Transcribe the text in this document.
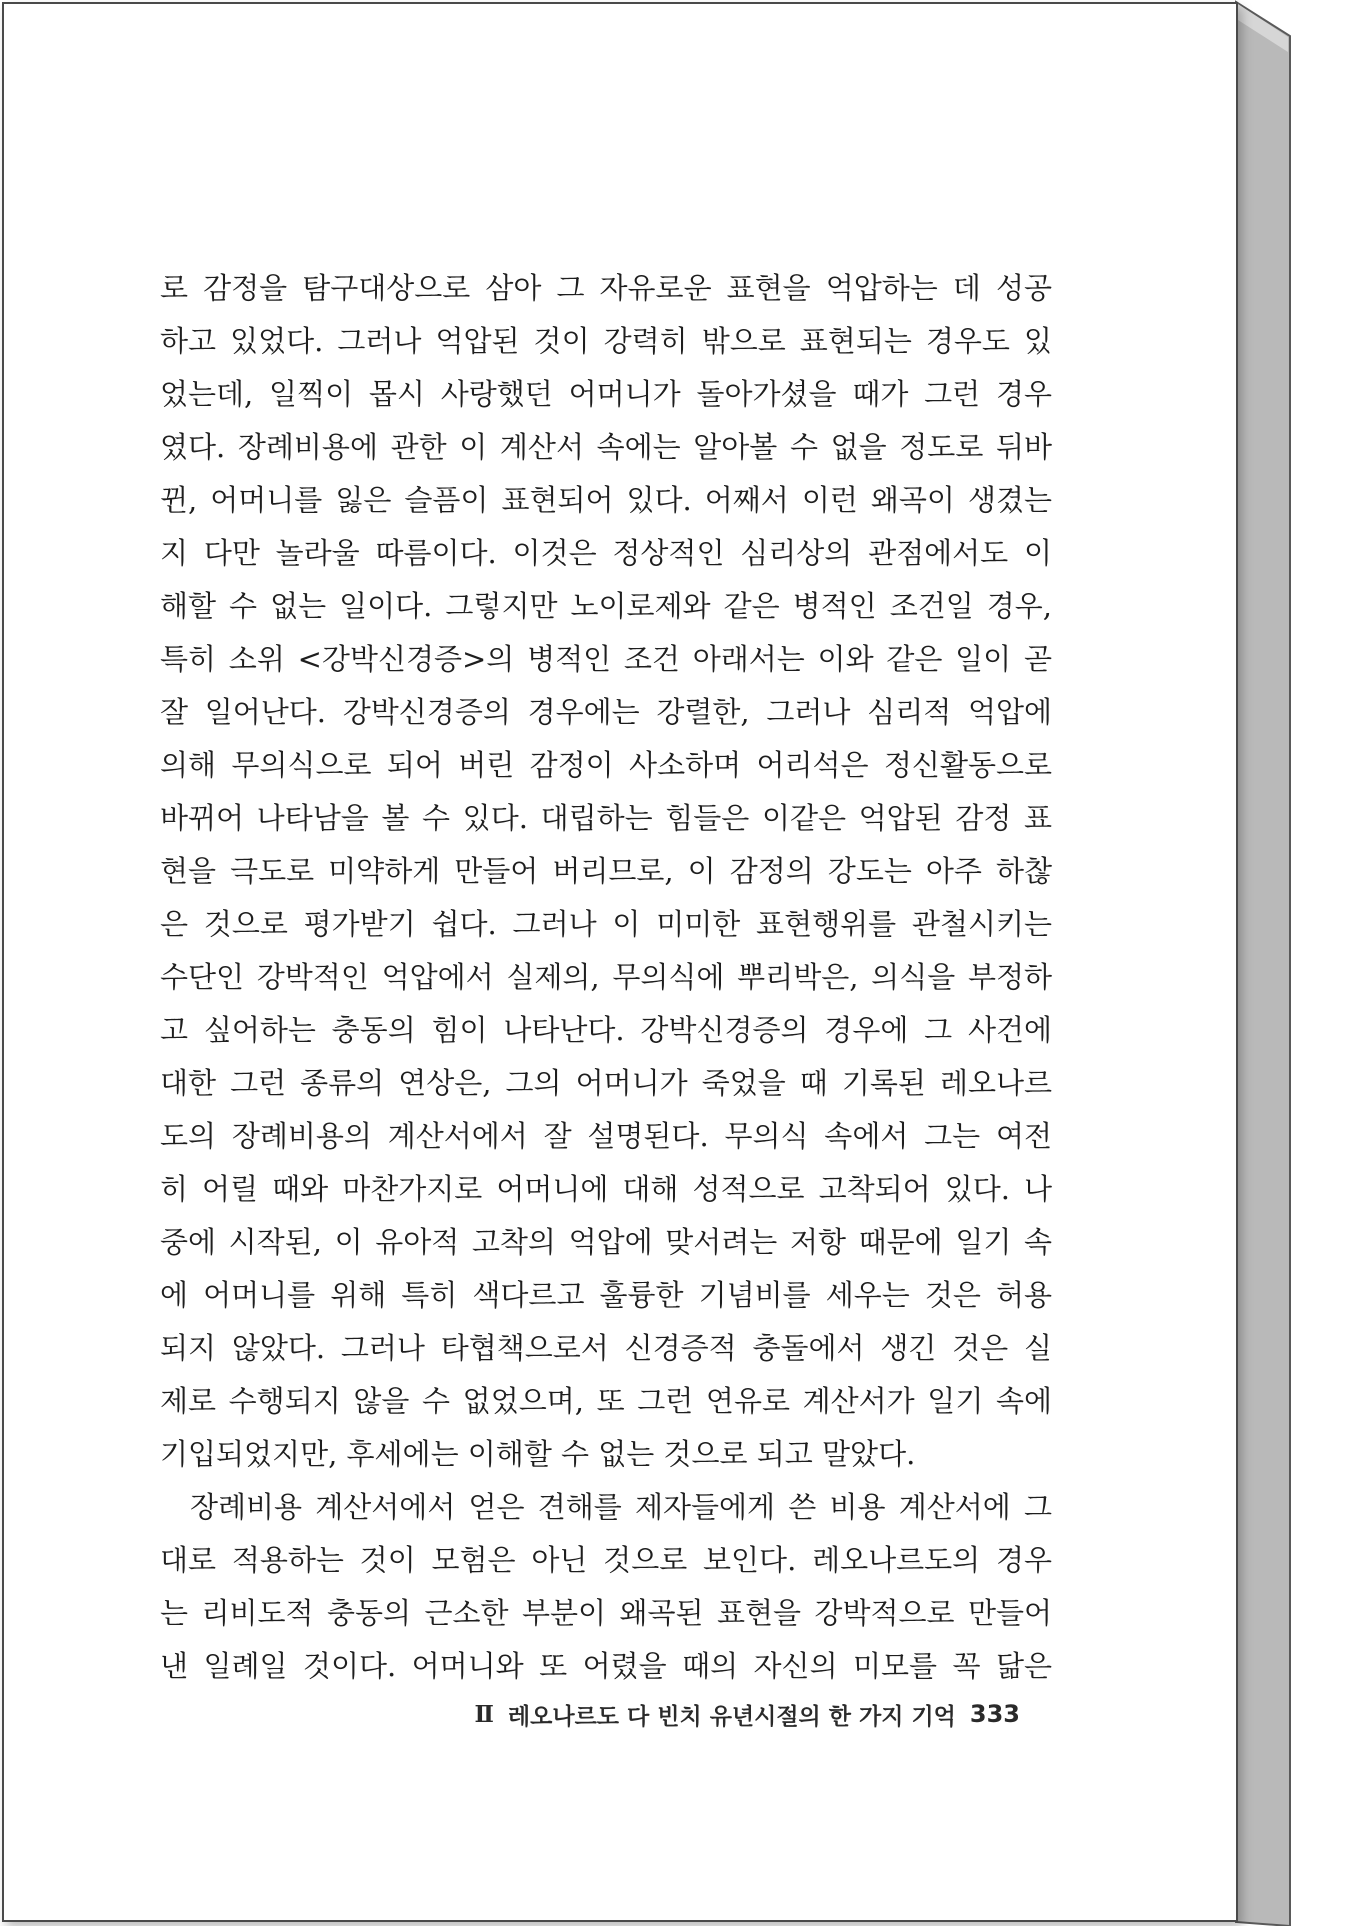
로 감정을 탐구대상으로 삼아 그 자유로운 표현을 억압하는 데 성공
하고 있었다. 그러나 억압된 것이 강력히 밖으로 표현되는 경우도 있
었는데, 일찍이 몹시 사랑했던 어머니가 돌아가셨을 때가 그런 경우
였다. 장례비용에 관한 이 계산서 속에는 알아볼 수 없을 정도로 뒤바
뀐, 어머니를 잃은 슬픔이 표현되어 있다. 어째서 이런 왜곡이 생겼는
지 다만 놀라울 따름이다. 이것은 정상적인 심리상의 관점에서도 이
해할 수 없는 일이다. 그렇지만 노이로제와 같은 병적인 조건일 경우,
특히 소위 <강박신경증>의 병적인 조건 아래서는 이와 같은 일이 곧
잘 일어난다. 강박신경증의 경우에는 강렬한, 그러나 심리적 억압에
의해 무의식으로 되어 버린 감정이 사소하며 어리석은 정신활동으로
바뀌어 나타남을 볼 수 있다. 대립하는 힘들은 이같은 억압된 감정 표
현을 극도로 미약하게 만들어 버리므로, 이 감정의 강도는 아주 하찮
은 것으로 평가받기 쉽다. 그러나 이 미미한 표현행위를 관철시키는
수단인 강박적인 억압에서 실제의, 무의식에 뿌리박은, 의식을 부정하
고 싶어하는 충동의 힘이 나타난다. 강박신경증의 경우에 그 사건에
대한 그런 종류의 연상은, 그의 어머니가 죽었을 때 기록된 레오나르
도의 장례비용의 계산서에서 잘 설명된다. 무의식 속에서 그는 여전
히 어릴 때와 마찬가지로 어머니에 대해 성적으로 고착되어 있다. 나
중에 시작된, 이 유아적 고착의 억압에 맞서려는 저항 때문에 일기 속
에 어머니를 위해 특히 색다르고 훌륭한 기념비를 세우는 것은 허용
되지 않았다. 그러나 타협책으로서 신경증적 충돌에서 생긴 것은 실
제로 수행되지 않을 수 없었으며, 또 그런 연유로 계산서가 일기 속에
기입되었지만, 후세에는 이해할 수 없는 것으로 되고 말았다.
장례비용 계산서에서 얻은 견해를 제자들에게 쓴 비용 계산서에 그
대로 적용하는 것이 모험은 아닌 것으로 보인다. 레오나르도의 경우
는 리비도적 충동의 근소한 부분이 왜곡된 표현을 강박적으로 만들어
낸 일례일 것이다. 어머니와 또 어렸을 때의 자신의 미모를 꼭 닮은
Ⅱ 레오나르도 다 빈치 유년시절의 한 가지 기억 333
